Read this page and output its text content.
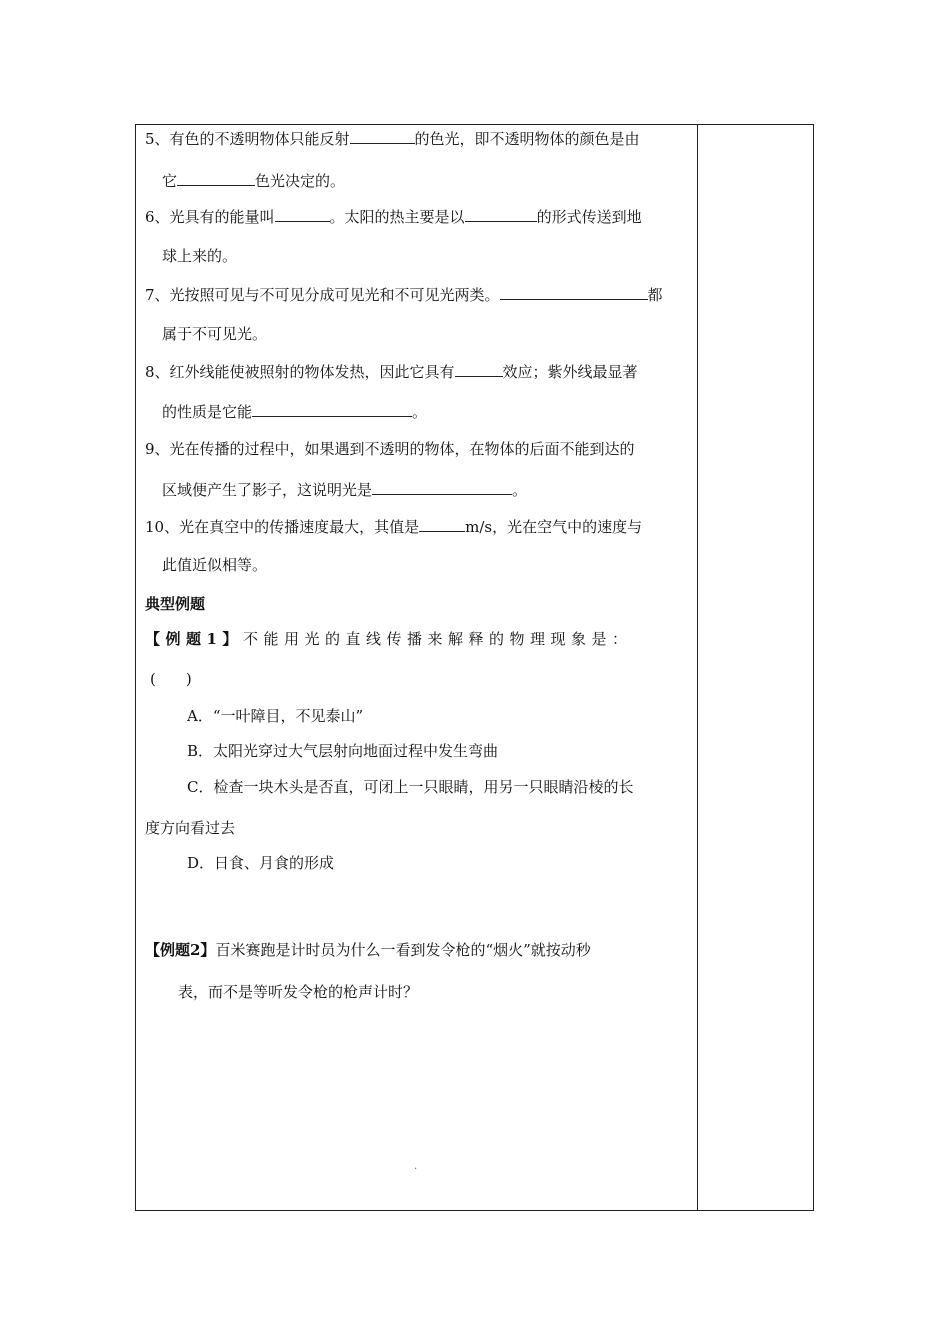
5、有色的不透明物体只能反射	的色光，即不透明物体的颜色是由
它	色光决定的。
6、光具有的能量叫	。太阳的热主要是以	的形式传送到地
球上来的。
7、光按照可见与不可见分成可见光和不可见光两类。	都
属于不可见光。
8、红外线能使被照射的物体发热，因此它具有	效应；紫外线最显著
的性质是它能	。
9、光在传播的过程中，如果遇到不透明的物体，在物体的后面不能到达的
区域便产生了影子，这说明光是	。
10、光在真空中的传播速度最大，其值是	m/s，光在空气中的速度与
此值近似相等。
典型例题
【例题1】不能用光的直线传播来解释的物理现象是：
(　　)
A．“一叶障目，不见泰山”
B．太阳光穿过大气层射向地面过程中发生弯曲
C．检查一块木头是否直，可闭上一只眼睛，用另一只眼睛沿棱的长
度方向看过去
D．日食、月食的形成
【例题2】百米赛跑是计时员为什么一看到发令枪的“烟火”就按动秒
表，而不是等听发令枪的枪声计时？
.
